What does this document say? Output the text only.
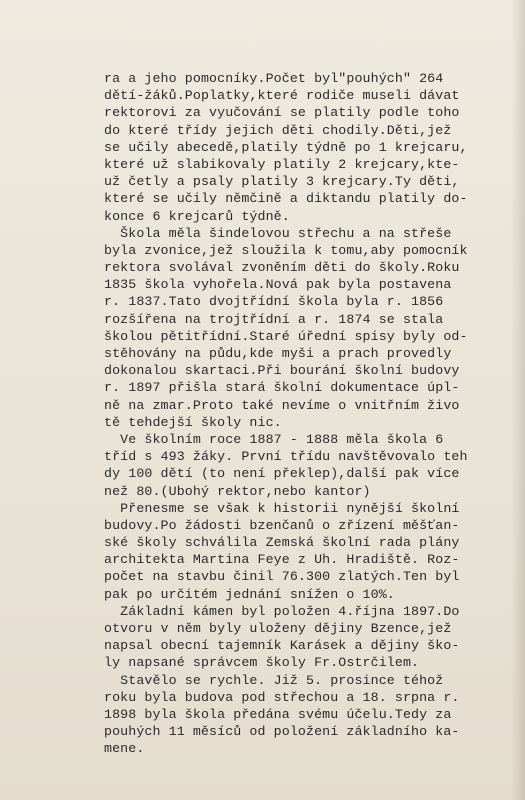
ra a jeho pomocníky.Počet byl"pouhých" 264
dětí-žáků.Poplatky,které rodiče museli dávat
rektorovi za vyučování se platily podle toho
do které třídy jejich děti chodily.Děti,jež
se učily abecedě,platily týdně po 1 krejcaru,
které už slabikovaly platily 2 krejcary,kte-
už četly a psaly platily 3 krejcary.Ty děti,
které se učily němčině a diktandu platily do-
konce 6 krejcarů týdně.
Škola měla šindelovou střechu a na střeše
byla zvonice,jež sloužila k tomu,aby pomocník
rektora svolával zvoněním děti do školy.Roku
1835 škola vyhořela.Nová pak byla postavena
r. 1837.Tato dvojtřídní škola byla r. 1856
rozšířena na trojtřídní a r. 1874 se stala
školou pětitřídní.Staré úřední spisy byly od-
stěhovány na půdu,kde myši a prach provedly
dokonalou skartaci.Při bourání školní budovy
r. 1897 přišla stará školní dokumentace úpl-
ně na zmar.Proto také nevíme o vnitřním živo
tě tehdejší školy nic.
Ve školním roce 1887 - 1888 měla škola 6
tříd s 493 žáky. První třídu navštěvovalo teh
dy 100 dětí (to není překlep),další pak více
než 80.(Ubohý rektor,nebo kantor)
Přenesme se však k historii nynější školní
budovy.Po žádosti bzenčanů o zřízení měšťan-
ské školy schválila Zemská školní rada plány
architekta Martina Feye z Uh. Hradiště. Roz-
počet na stavbu činil 76.300 zlatých.Ten byl
pak po určitém jednání snížen o 10%.
Základní kámen byl položen 4.října 1897.Do
otvoru v něm byly uloženy dějiny Bzence,jež
napsal obecní tajemník Karásek a dějiny ško-
ly napsané správcem školy Fr.Ostrčilem.
Stavělo se rychle. Již 5. prosince téhož
roku byla budova pod střechou a 18. srpna r.
1898 byla škola předána svému účelu.Tedy za
pouhých 11 měsíců od položení základního ka-
mene.
